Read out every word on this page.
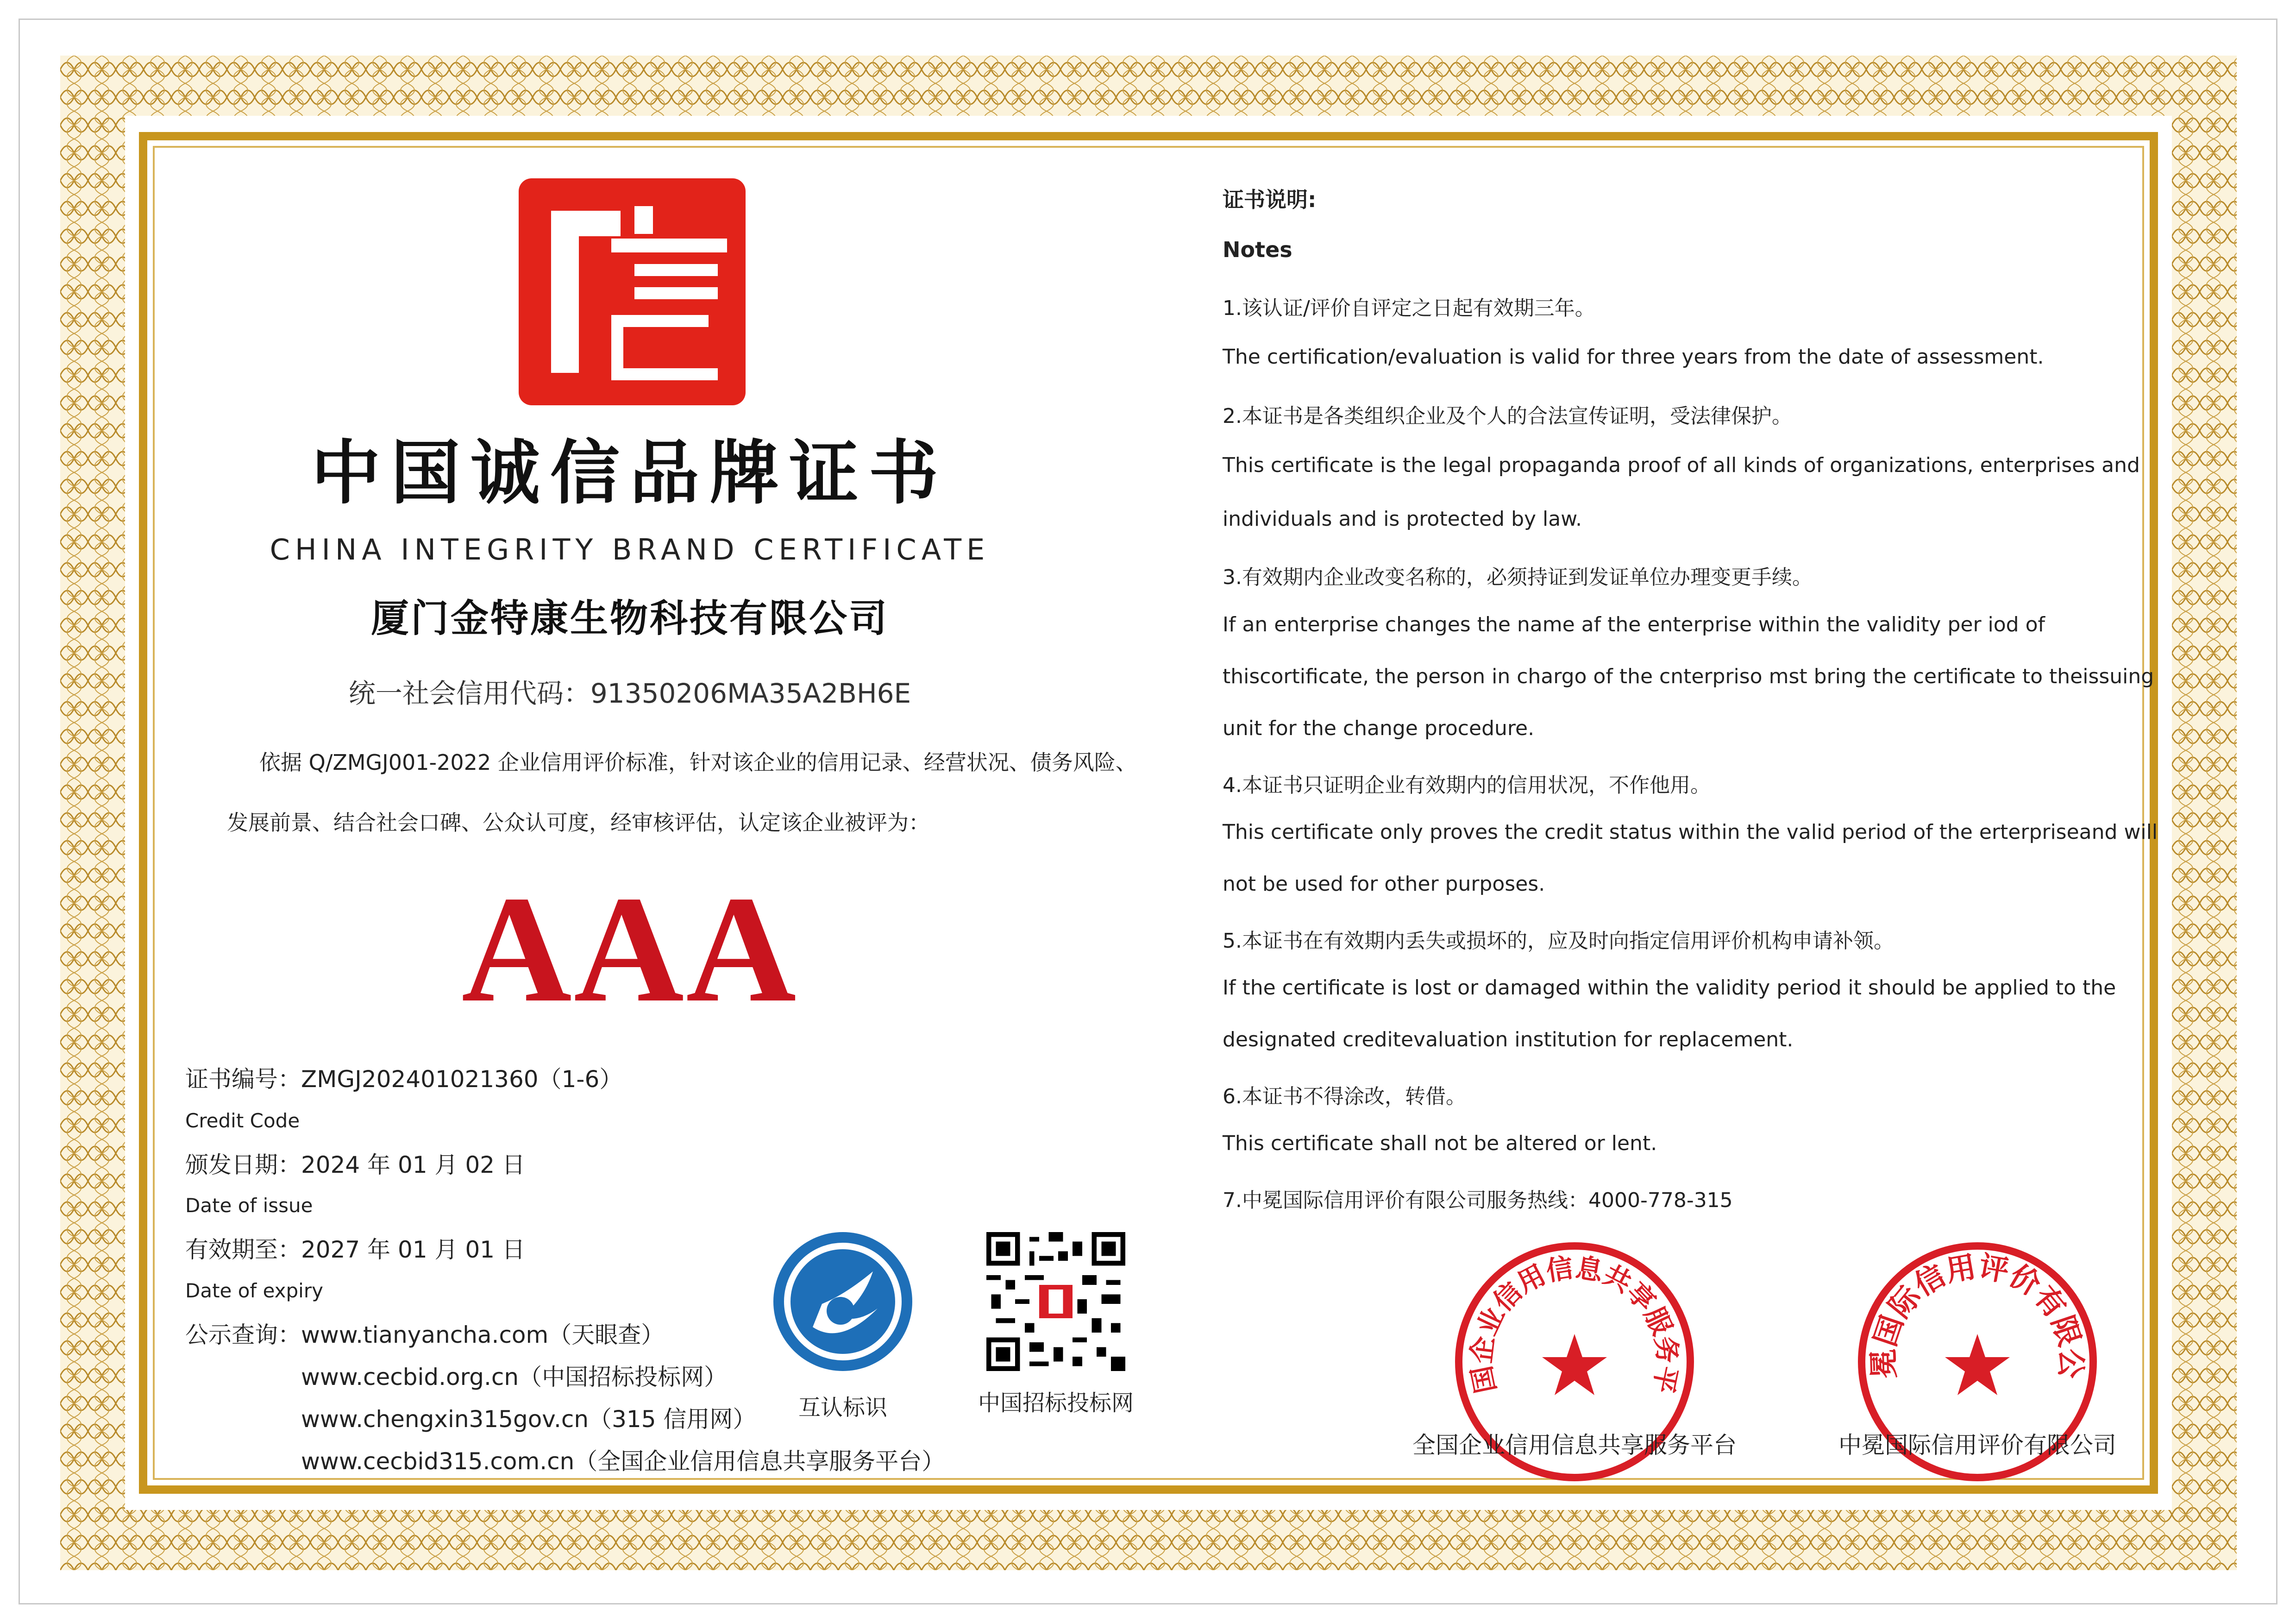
中国诚信品牌证书
CHINA INTEGRITY BRAND CERTIFICATE
厦门金特康生物科技有限公司
统一社会信用代码：91350206MA35A2BH6E
依据 Q/ZMGJ001-2022 企业信用评价标准，针对该企业的信用记录、经营状况、债务风险、
发展前景、结合社会口碑、公众认可度，经审核评估，认定该企业被评为：
AAA
证书编号：ZMGJ202401021360（1-6）
Credit Code
颁发日期：2024 年 01 月 02 日
Date of issue
有效期至：2027 年 01 月 01 日
Date of expiry
公示查询： www.tianyancha.com（天眼查）
www.cecbid.org.cn（中国招标投标网）
www.chengxin315gov.cn（315 信用网）
www.cecbid315.com.cn（全国企业信用信息共享服务平台）
互认标识	中国招标投标网
证书说明:
Notes
1.该认证/评价自评定之日起有效期三年。
The certification/evaluation is valid for three years from the date of assessment.
2.本证书是各类组织企业及个人的合法宣传证明，受法律保护。
This certificate is the legal propaganda proof of all kinds of organizations, enterprises and
individuals and is protected by law.
3.有效期内企业改变名称的，必须持证到发证单位办理变更手续。
If an enterprise changes the name af the enterprise within the validity per iod of
thiscortificate, the person in chargo of the cnterpriso mst bring the certificate to theissuing
unit for the change procedure.
4.本证书只证明企业有效期内的信用状况，不作他用。
This certificate only proves the credit status within the valid period of the erterpriseand will
not be used for other purposes.
5.本证书在有效期内丢失或损坏的，应及时向指定信用评价机构申请补领。
If the certificate is lost or damaged within the validity period it should be applied to the
designated creditevaluation institution for replacement.
6.本证书不得涂改，转借。
This certificate shall not be altered or lent.
7.中冕国际信用评价有限公司服务热线：4000-778-315
国企业信用信息共享服务平
全国企业信用信息共享服务平台
冕国际信用评价有限公
中冕国际信用评价有限公司
